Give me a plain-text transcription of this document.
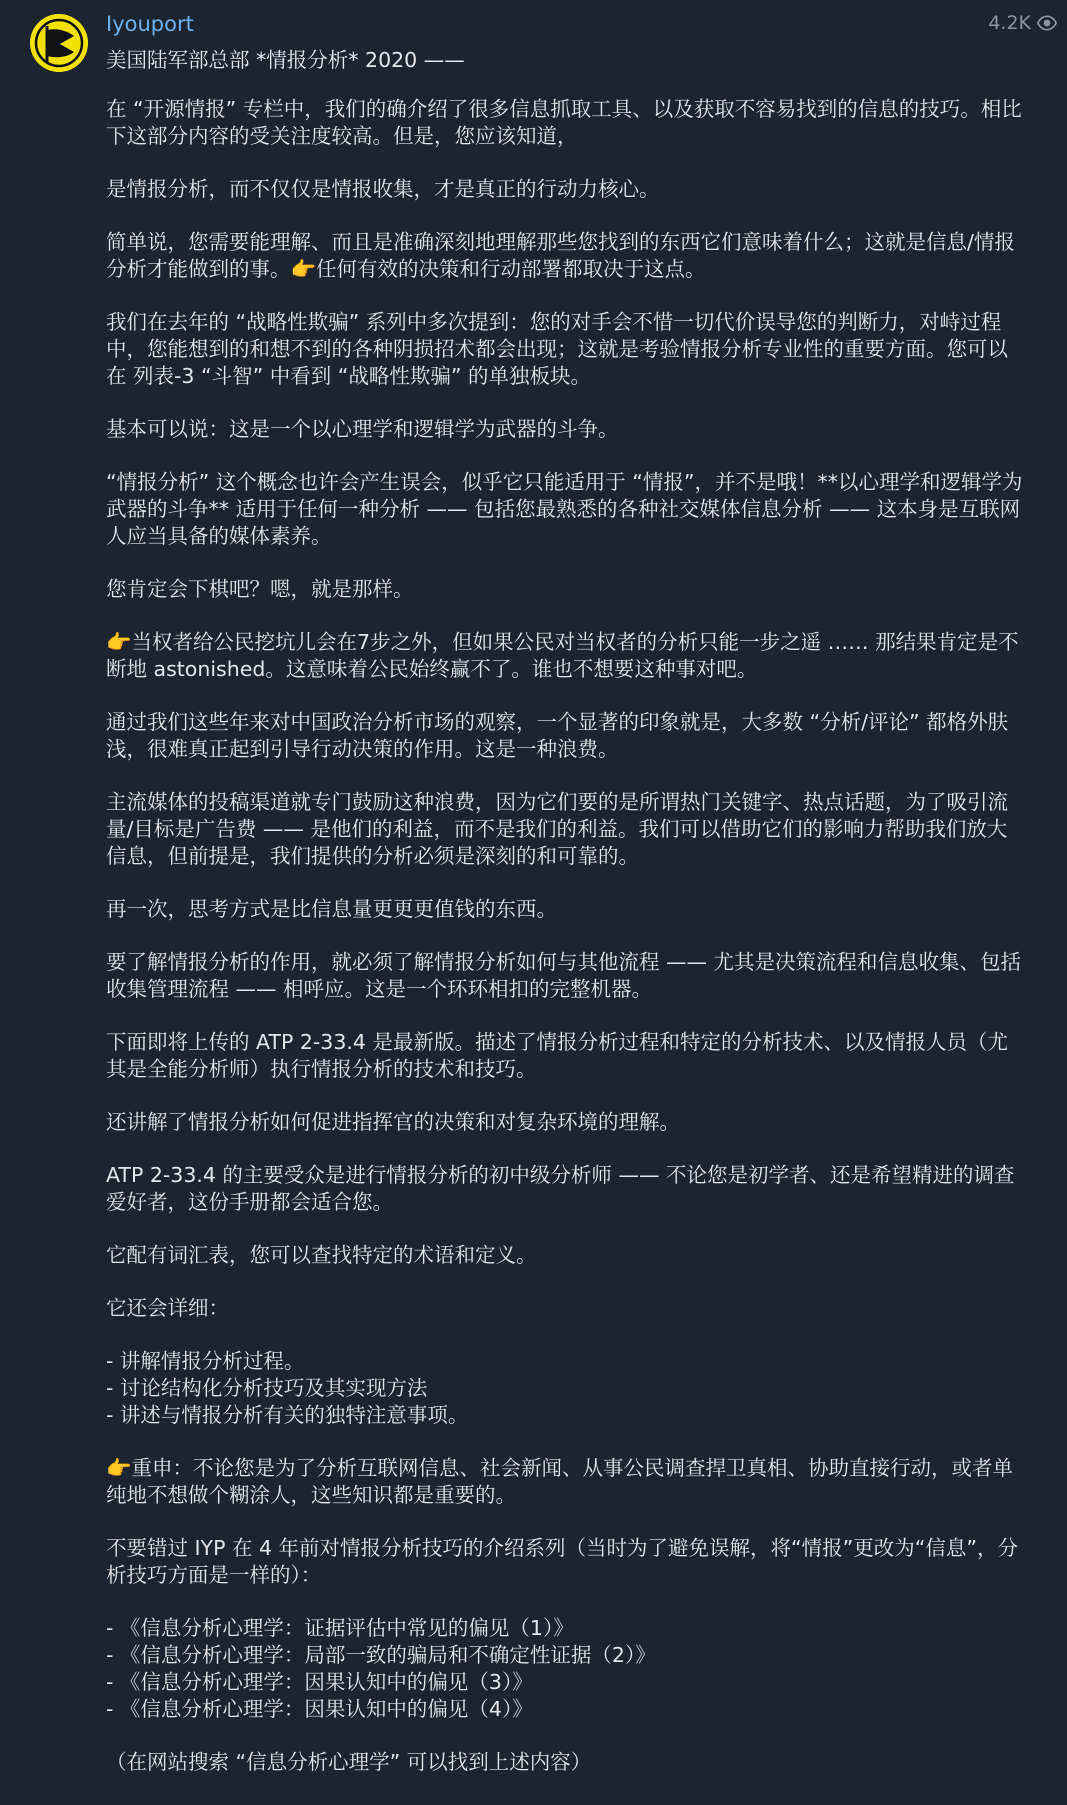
Iyouport	4.2K
美国陆军部总部 *情报分析* 2020 ——

在 “开源情报” 专栏中，我们的确介绍了很多信息抓取工具、以及获取不容易找到的信息的技巧。相比下这部分内容的受关注度较高。但是，您应该知道，

是情报分析，而不仅仅是情报收集，才是真正的行动力核心。

简单说，您需要能理解、而且是准确深刻地理解那些您找到的东西它们意味着什么；这就是信息/情报分析才能做到的事。👉任何有效的决策和行动部署都取决于这点。

我们在去年的 “战略性欺骗” 系列中多次提到：您的对手会不惜一切代价误导您的判断力，对峙过程中，您能想到的和想不到的各种阴损招术都会出现；这就是考验情报分析专业性的重要方面。您可以在 列表-3 “斗智” 中看到 “战略性欺骗” 的单独板块。

基本可以说：这是一个以心理学和逻辑学为武器的斗争。

“情报分析” 这个概念也许会产生误会，似乎它只能适用于 “情报”，并不是哦！**以心理学和逻辑学为武器的斗争** 适用于任何一种分析 —— 包括您最熟悉的各种社交媒体信息分析 —— 这本身是互联网人应当具备的媒体素养。

您肯定会下棋吧？嗯，就是那样。

👉当权者给公民挖坑儿会在7步之外，但如果公民对当权者的分析只能一步之遥 …… 那结果肯定是不断地 astonished。这意味着公民始终赢不了。谁也不想要这种事对吧。

通过我们这些年来对中国政治分析市场的观察，一个显著的印象就是，大多数 “分析/评论” 都格外肤浅，很难真正起到引导行动决策的作用。这是一种浪费。

主流媒体的投稿渠道就专门鼓励这种浪费，因为它们要的是所谓热门关键字、热点话题，为了吸引流量/目标是广告费 —— 是他们的利益，而不是我们的利益。我们可以借助它们的影响力帮助我们放大信息，但前提是，我们提供的分析必须是深刻的和可靠的。

再一次，思考方式是比信息量更更更值钱的东西。

要了解情报分析的作用，就必须了解情报分析如何与其他流程 —— 尤其是决策流程和信息收集、包括收集管理流程 —— 相呼应。这是一个环环相扣的完整机器。

下面即将上传的 ATP 2-33.4 是最新版。描述了情报分析过程和特定的分析技术、以及情报人员（尤其是全能分析师）执行情报分析的技术和技巧。

还讲解了情报分析如何促进指挥官的决策和对复杂环境的理解。

ATP 2-33.4 的主要受众是进行情报分析的初中级分析师 —— 不论您是初学者、还是希望精进的调查爱好者，这份手册都会适合您。

它配有词汇表，您可以查找特定的术语和定义。

它还会详细：

- 讲解情报分析过程。
- 讨论结构化分析技巧及其实现方法
- 讲述与情报分析有关的独特注意事项。

👉重申：不论您是为了分析互联网信息、社会新闻、从事公民调查捍卫真相、协助直接行动，或者单纯地不想做个糊涂人，这些知识都是重要的。

不要错过 IYP 在 4 年前对情报分析技巧的介绍系列（当时为了避免误解，将“情报”更改为“信息”，分析技巧方面是一样的）：

- 《信息分析心理学：证据评估中常见的偏见（1）》
- 《信息分析心理学：局部一致的骗局和不确定性证据（2）》
- 《信息分析心理学：因果认知中的偏见（3）》
- 《信息分析心理学：因果认知中的偏见（4）》

（在网站搜索 “信息分析心理学” 可以找到上述内容）
